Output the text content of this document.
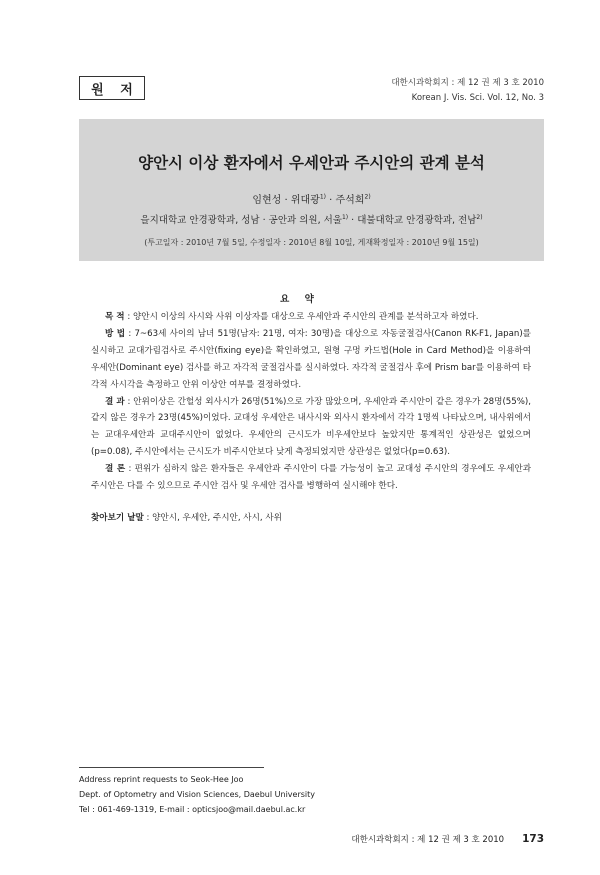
원 저	대한시과학회지 : 제 12 권 제 3 호 2010
Korean J. Vis. Sci. Vol. 12, No. 3
양안시 이상 환자에서 우세안과 주시안의 관계 분석
임현성 · 위대광$^{1)}$ · 주석희$^{2)}$
을지대학교 안경광학과, 성남 · 공안과 의원, 서울$^{1)}$ · 대불대학교 안경광학과, 전남$^{2)}$
(투고일자 : 2010년 7월 5일, 수정일자 : 2010년 8월 10일, 게재확정일자 : 2010년 9월 15일)
요 약

목 적 : 양안시 이상의 사시와 사위 이상자를 대상으로 우세안과 주시안의 관계를 분석하고자 하였다.

방 법 : 7~63세 사이의 남녀 51명(남자: 21명, 여자: 30명)을 대상으로 자동굴절검사(Canon RK-F1, Japan)를 실시하고 교대가림검사로 주시안(fixing eye)을 확인하였고, 원형 구멍 카드법(Hole in Card Method)을 이용하여 우세안(Dominant eye) 검사를 하고 자각적 굴절검사를 실시하였다. 자각적 굴절검사 후에 Prism bar를 이용하여 타각적 사시각을 측정하고 안위 이상안 여부를 결정하였다.

결 과 : 안위이상은 간헐성 외사시가 26명(51%)으로 가장 많았으며, 우세안과 주시안이 같은 경우가 28명(55%), 같지 않은 경우가 23명(45%)이었다. 교대성 우세안은 내사시와 외사시 환자에서 각각 1명씩 나타났으며, 내사위에서는 교대우세안과 교대주시안이 없었다. 우세안의 근시도가 비우세안보다 높았지만 통계적인 상관성은 없었으며(p=0.08), 주시안에서는 근시도가 비주시안보다 낮게 측정되었지만 상관성은 없었다(p=0.63).

결 론 : 편위가 심하지 않은 환자들은 우세안과 주시안이 다를 가능성이 높고 교대성 주시안의 경우에도 우세안과 주시안은 다를 수 있으므로 주시안 검사 및 우세안 검사를 병행하여 실시해야 한다.

찾아보기 낱말 : 양안시, 우세안, 주시안, 사시, 사위
Address reprint requests to Seok-Hee Joo
Dept. of Optometry and Vision Sciences, Daebul University
Tel : 061-469-1319, E-mail : opticsjoo@mail.daebul.ac.kr
대한시과학회지 : 제 12 권 제 3 호 2010 173
